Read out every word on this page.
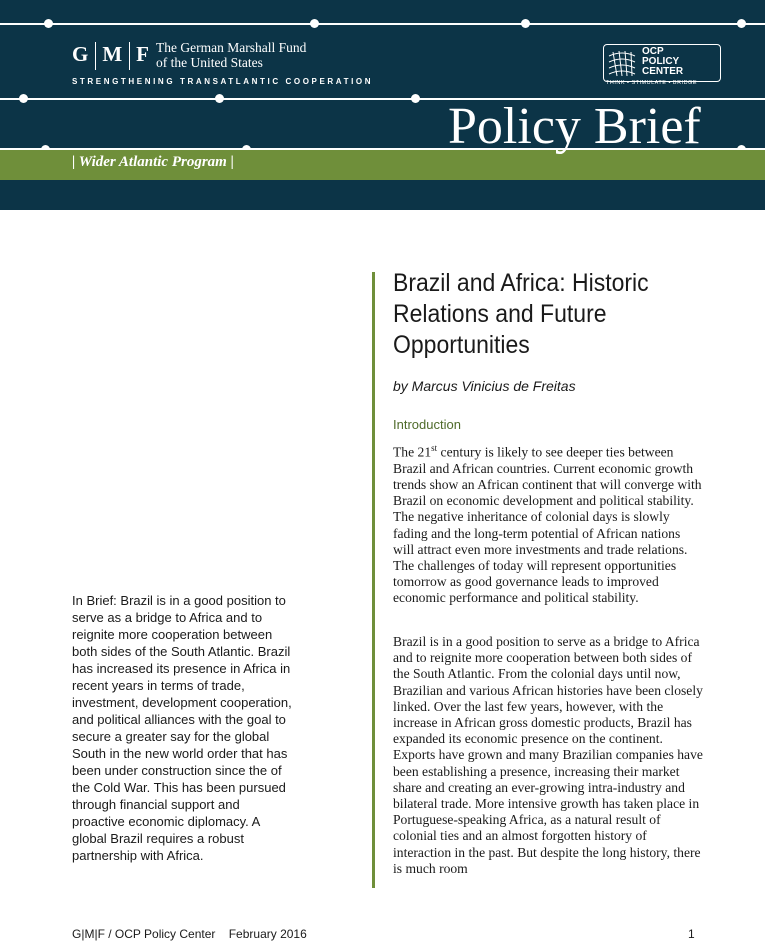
G M F The German Marshall Fund
of the United States
STRENGTHENING TRANSATLANTIC COOPERATION
OCP
POLICY
CENTER
THINK • STIMULATE • BRIDGE
Policy Brief
| Wider Atlantic Program |
Brazil and Africa: Historic Relations and Future Opportunities
by Marcus Vinicius de Freitas
Introduction

The 21st century is likely to see deeper ties between Brazil and African countries. Current economic growth trends show an African continent that will converge with Brazil on economic development and political stability. The negative inheritance of colonial days is slowly fading and the long-term potential of African nations will attract even more investments and trade relations. The challenges of today will represent opportunities tomorrow as good governance leads to improved economic performance and political stability.

Brazil is in a good position to serve as a bridge to Africa and to reignite more cooperation between both sides of the South Atlantic. From the colonial days until now, Brazilian and various African histories have been closely linked. Over the last few years, however, with the increase in African gross domestic products, Brazil has expanded its economic presence on the continent. Exports have grown and many Brazilian companies have been establishing a presence, increasing their market share and creating an ever-growing intra-industry and bilateral trade. More intensive growth has taken place in Portuguese-speaking Africa, as a natural result of colonial ties and an almost forgotten history of interaction in the past. But despite the long history, there is much room

In Brief: Brazil is in a good position to serve as a bridge to Africa and to reignite more cooperation between both sides of the South Atlantic. Brazil has increased its presence in Africa in recent years in terms of trade, investment, development cooperation, and political alliances with the goal to secure a greater say for the global South in the new world order that has been under construction since the of the Cold War. This has been pursued through financial support and proactive economic diplomacy. A global Brazil requires a robust partnership with Africa.

G|M|F / OCP Policy Center    February 2016	1
